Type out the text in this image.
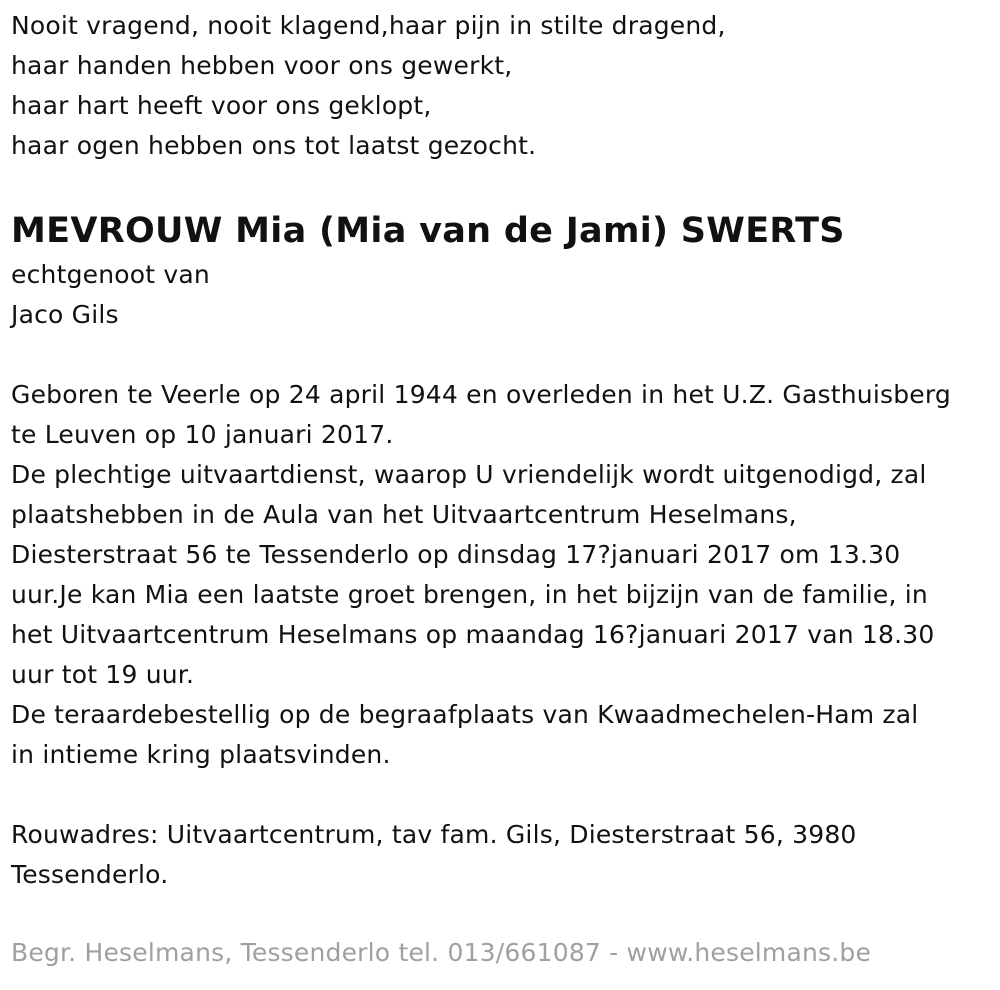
Nooit vragend, nooit klagend,haar pijn in stilte dragend,
haar handen hebben voor ons gewerkt,
haar hart heeft voor ons geklopt,
haar ogen hebben ons tot laatst gezocht.
MEVROUW Mia (Mia van de Jami) SWERTS
echtgenoot van
Jaco Gils
Geboren te Veerle op 24 april 1944 en overleden in het U.Z. Gasthuisberg
te Leuven op 10 januari 2017.
De plechtige uitvaartdienst, waarop U vriendelijk wordt uitgenodigd, zal
plaatshebben in de Aula van het Uitvaartcentrum Heselmans,
Diesterstraat 56 te Tessenderlo op dinsdag 17?januari 2017 om 13.30
uur.Je kan Mia een laatste groet brengen, in het bijzijn van de familie, in
het Uitvaartcentrum Heselmans op maandag 16?januari 2017 van 18.30
uur tot 19 uur.
De teraardebestellig op de begraafplaats van Kwaadmechelen-Ham zal
in intieme kring plaatsvinden.
Rouwadres: Uitvaartcentrum, tav fam. Gils, Diesterstraat 56, 3980
Tessenderlo.
Begr. Heselmans, Tessenderlo tel. 013/661087 - www.heselmans.be
